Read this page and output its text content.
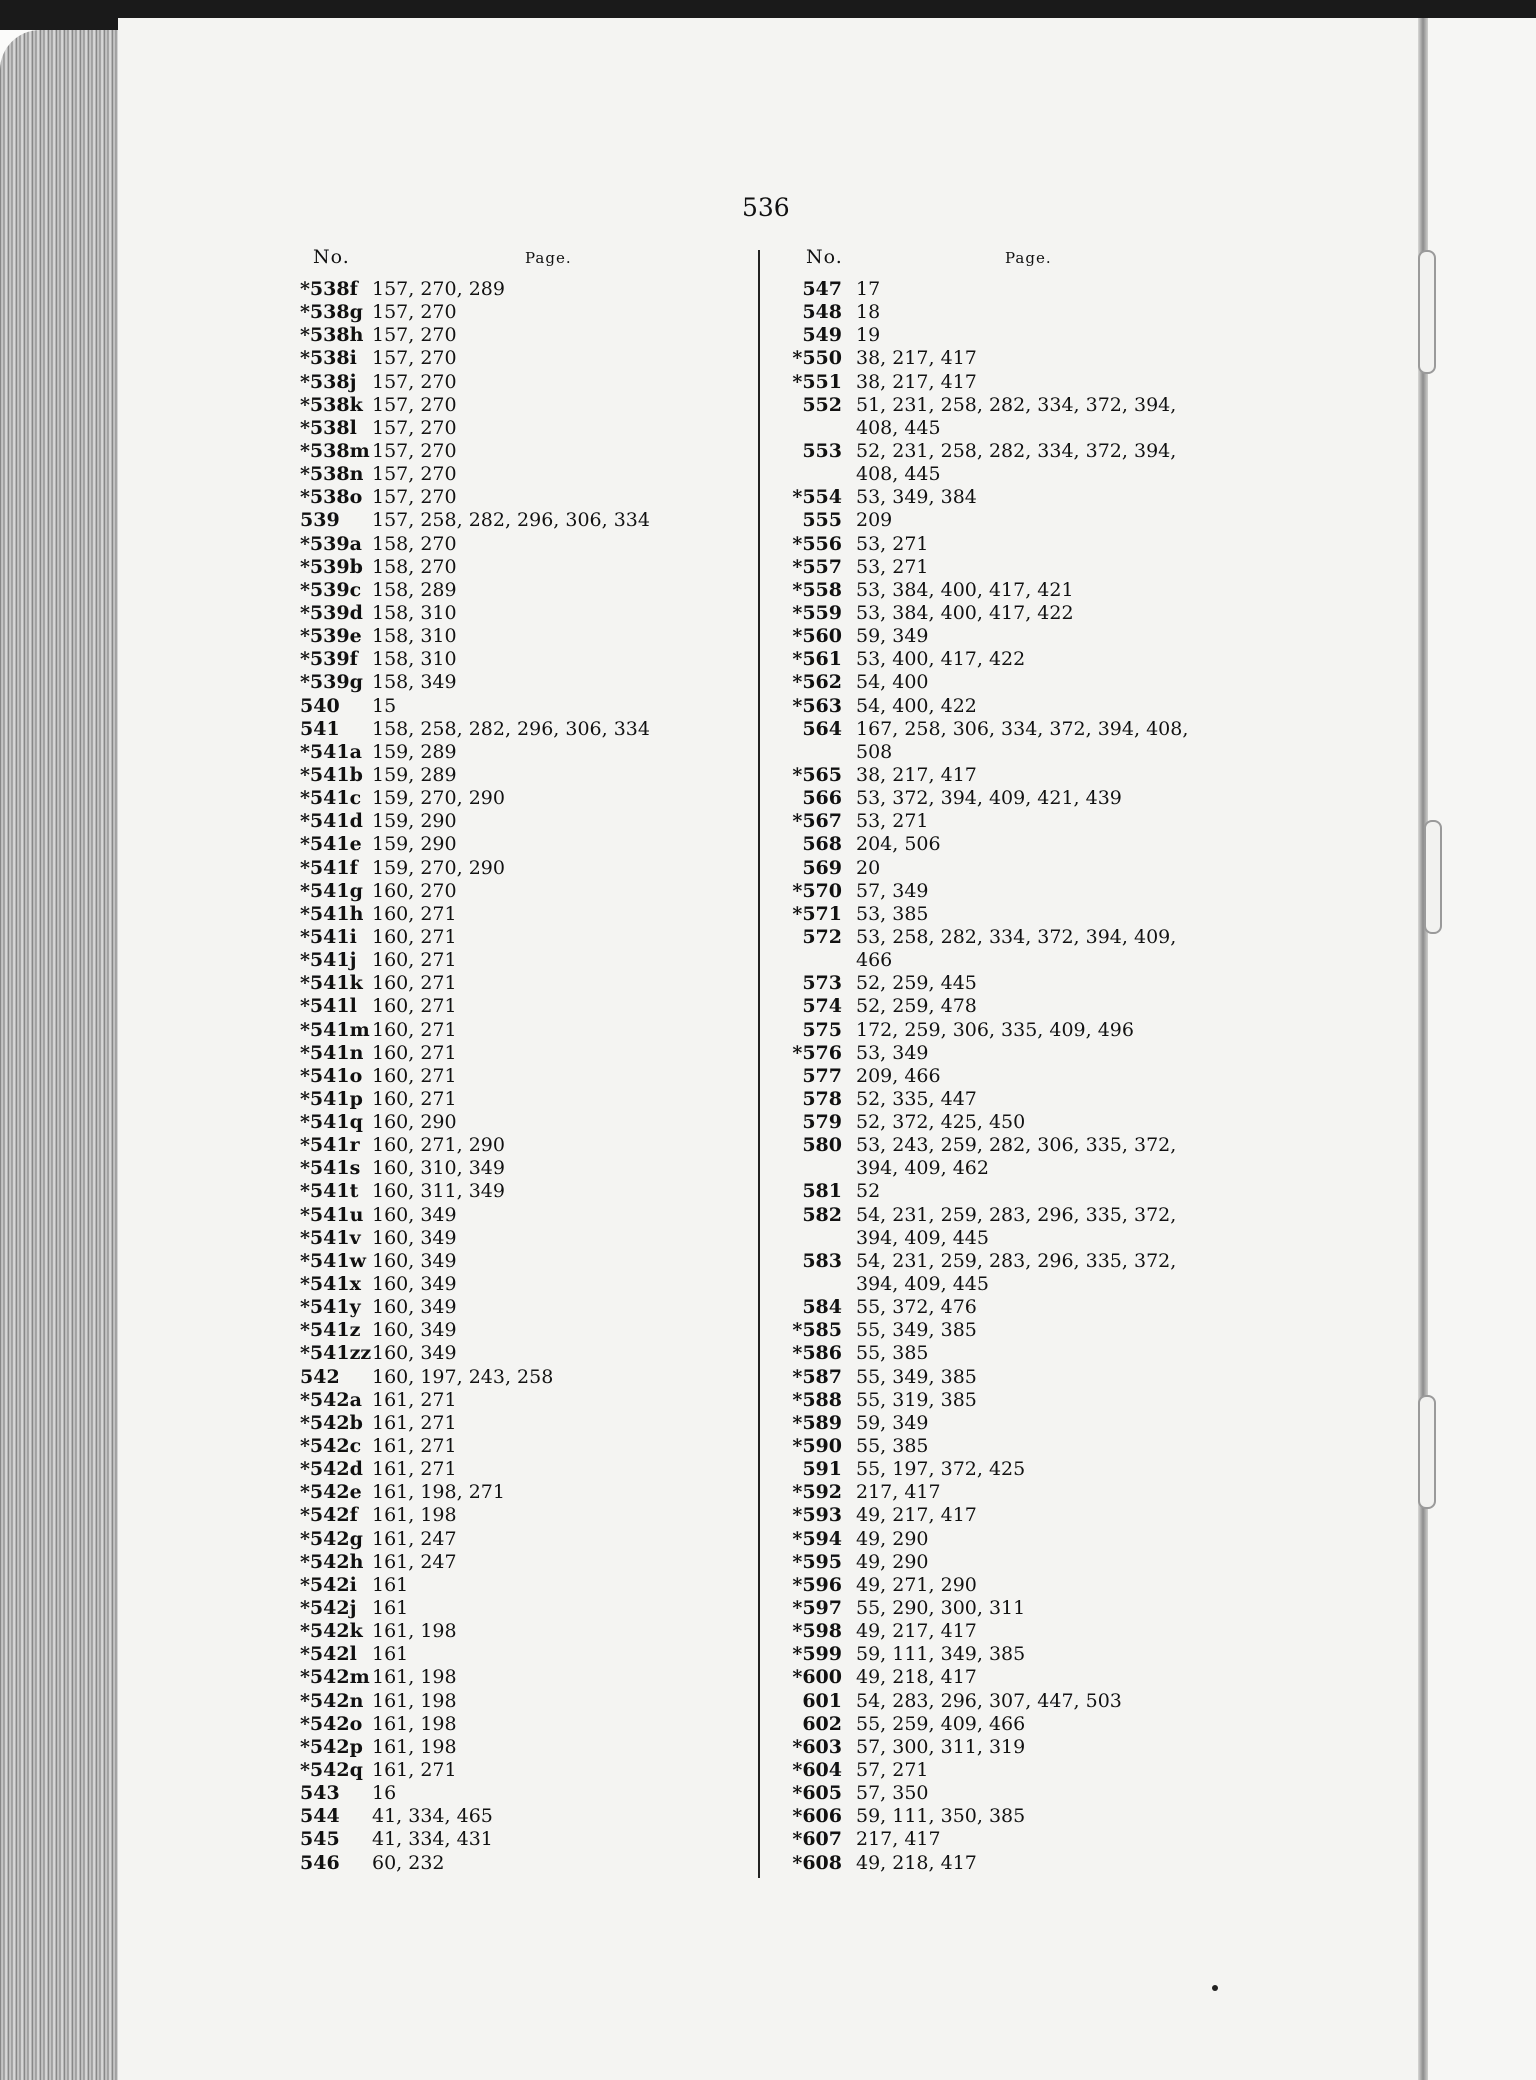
536
No.	Page.	No.	Page.
*538f 157, 270, 289
*538g 157, 270
*538h 157, 270
*538i 157, 270
*538j 157, 270
*538k 157, 270
*538l 157, 270
*538m 157, 270
*538n 157, 270
*538o 157, 270
539	157, 258, 282, 296, 306, 334
*539a 158, 270
*539b 158, 270
*539c 158, 289
*539d 158, 310
*539e 158, 310
*539f 158, 310
*539g 158, 349
540	15
541	158, 258, 282, 296, 306, 334
*541a 159, 289
*541b 159, 289
*541c 159, 270, 290
*541d 159, 290
*541e 159, 290
*541f 159, 270, 290
*541g 160, 270
*541h 160, 271
*541i 160, 271
*541j 160, 271
*541k 160, 271
*541l 160, 271
*541m 160, 271
*541n 160, 271
*541o 160, 271
*541p 160, 271
*541q 160, 290
*541r 160, 271, 290
*541s 160, 310, 349
*541t 160, 311, 349
*541u 160, 349
*541v 160, 349
*541w 160, 349
*541x 160, 349
*541y 160, 349
*541z 160, 349
*541zz 160, 349
542	160, 197, 243, 258
*542a 161, 271
*542b 161, 271
*542c 161, 271
*542d 161, 271
*542e 161, 198, 271
*542f 161, 198
*542g 161, 247
*542h 161, 247
*542i 161
*542j 161
*542k 161, 198
*542l 161
*542m 161, 198
*542n 161, 198
*542o 161, 198
*542p 161, 198
*542q 161, 271
543	16
544	41, 334, 465
545	41, 334, 431
546	60, 232
547 17
548 18
549 19
*550 38, 217, 417
*551 38, 217, 417
552 51, 231, 258, 282, 334, 372, 394,
408, 445
553 52, 231, 258, 282, 334, 372, 394,
408, 445
*554 53, 349, 384
555 209
*556 53, 271
*557 53, 271
*558 53, 384, 400, 417, 421
*559 53, 384, 400, 417, 422
*560 59, 349
*561 53, 400, 417, 422
*562 54, 400
*563 54, 400, 422
564 167, 258, 306, 334, 372, 394, 408,
508
*565 38, 217, 417
566 53, 372, 394, 409, 421, 439
*567 53, 271
568 204, 506
569 20
*570 57, 349
*571 53, 385
572 53, 258, 282, 334, 372, 394, 409,
466
573 52, 259, 445
574 52, 259, 478
575 172, 259, 306, 335, 409, 496
*576 53, 349
577 209, 466
578 52, 335, 447
579 52, 372, 425, 450
580 53, 243, 259, 282, 306, 335, 372,
394, 409, 462
581 52
582 54, 231, 259, 283, 296, 335, 372,
394, 409, 445
583 54, 231, 259, 283, 296, 335, 372,
394, 409, 445
584 55, 372, 476
*585 55, 349, 385
*586 55, 385
*587 55, 349, 385
*588 55, 319, 385
*589 59, 349
*590 55, 385
591 55, 197, 372, 425
*592 217, 417
*593 49, 217, 417
*594 49, 290
*595 49, 290
*596 49, 271, 290
*597 55, 290, 300, 311
*598 49, 217, 417
*599 59, 111, 349, 385
*600 49, 218, 417
601 54, 283, 296, 307, 447, 503
602 55, 259, 409, 466
*603 57, 300, 311, 319
*604 57, 271
*605 57, 350
*606 59, 111, 350, 385
*607 217, 417
*608 49, 218, 417
